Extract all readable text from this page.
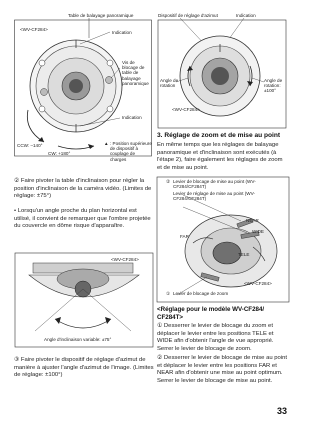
Table de balayage panoramique
<WV-CF284>
Indication
Vis de blocage de table de balayage panoramique
Indication
CCW: –140°
CW: +180°
▲ : Position supérieure de dispositif à couplage de charges

② Faire pivoter la table d'inclinaison pour régler la position d'inclinaison de la caméra vidéo. (Limites de réglage: ±75°)

• Lorsqu'un angle proche du plan horizontal est utilisé, il convient de remarquer que l'ombre projetée du couvercle en dôme risque d'apparaître.

<WV-CF284>
Angle d'inclinaison variable: ±75°

③ Faire pivoter le dispositif de réglage d'azimut de manière à ajuster l'angle d'azimut de l'image. (Limites de réglage: ±100°)

Dispositif de réglage d'azimut	Indication
Angle de rotation
Angle de rotation: ±100°
<WV-CF284>
3. Réglage de zoom et de mise au point
En même temps que les réglages de balayage panoramique et d'inclinaison sont exécutés (à l'étape 2), faire également les réglages de zoom et de mise au point.
② Levier de blocage de mise au point (WV-CF284/CF284T)
Levier de réglage de mise au point (WV-CF284/CF284T)
NEAR
WIDE
FAR
TELE
<WV-CF284>
① Levier de blocage de zoom
<Réglage pour le modèle WV-CF284/ CF284T>

① Desserrer le levier de blocage du zoom et déplacer le levier entre les positions TELE et WIDE afin d'obtenir l'angle de vue approprié. Serrer le levier de blocage de zoom.

② Desserrer le levier de blocage de mise au point et déplacer le levier entre les positions FAR et NEAR afin d'obtenir une mise au point optimum. Serrer le levier de blocage de mise au point.

33
